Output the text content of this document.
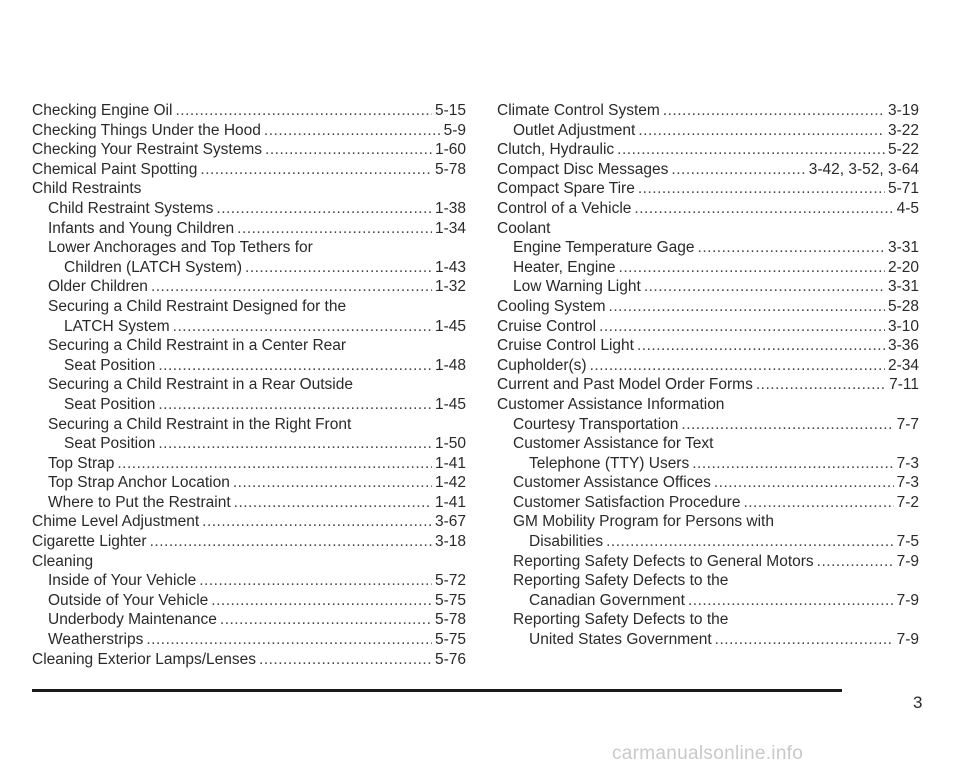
Checking Engine Oil .....	5-15
Checking Things Under the Hood .....	5-9
Checking Your Restraint Systems .....	1-60
Chemical Paint Spotting .....	5-78
Child Restraints
Child Restraint Systems .....	1-38
Infants and Young Children .....	1-34
Lower Anchorages and Top Tethers for
Children (LATCH System) .....	1-43
Older Children .....	1-32
Securing a Child Restraint Designed for the
LATCH System .....	1-45
Securing a Child Restraint in a Center Rear
Seat Position .....	1-48
Securing a Child Restraint in a Rear Outside
Seat Position .....	1-45
Securing a Child Restraint in the Right Front
Seat Position .....	1-50
Top Strap .....	1-41
Top Strap Anchor Location .....	1-42
Where to Put the Restraint .....	1-41
Chime Level Adjustment .....	3-67
Cigarette Lighter .....	3-18
Cleaning
Inside of Your Vehicle .....	5-72
Outside of Your Vehicle .....	5-75
Underbody Maintenance .....	5-78
Weatherstrips .....	5-75
Cleaning Exterior Lamps/Lenses .....	5-76
Climate Control System .....	3-19
Outlet Adjustment .....	3-22
Clutch, Hydraulic .....	5-22
Compact Disc Messages .....	3-42, 3-52, 3-64
Compact Spare Tire .....	5-71
Control of a Vehicle .....	4-5
Coolant
Engine Temperature Gage .....	3-31
Heater, Engine .....	2-20
Low Warning Light .....	3-31
Cooling System .....	5-28
Cruise Control .....	3-10
Cruise Control Light .....	3-36
Cupholder(s) .....	2-34
Current and Past Model Order Forms .....	7-11
Customer Assistance Information
Courtesy Transportation .....	7-7
Customer Assistance for Text
Telephone (TTY) Users .....	7-3
Customer Assistance Offices .....	7-3
Customer Satisfaction Procedure .....	7-2
GM Mobility Program for Persons with
Disabilities .....	7-5
Reporting Safety Defects to General Motors .....	7-9
Reporting Safety Defects to the
Canadian Government .....	7-9
Reporting Safety Defects to the
United States Government .....	7-9
3
carmanualsonline.info
